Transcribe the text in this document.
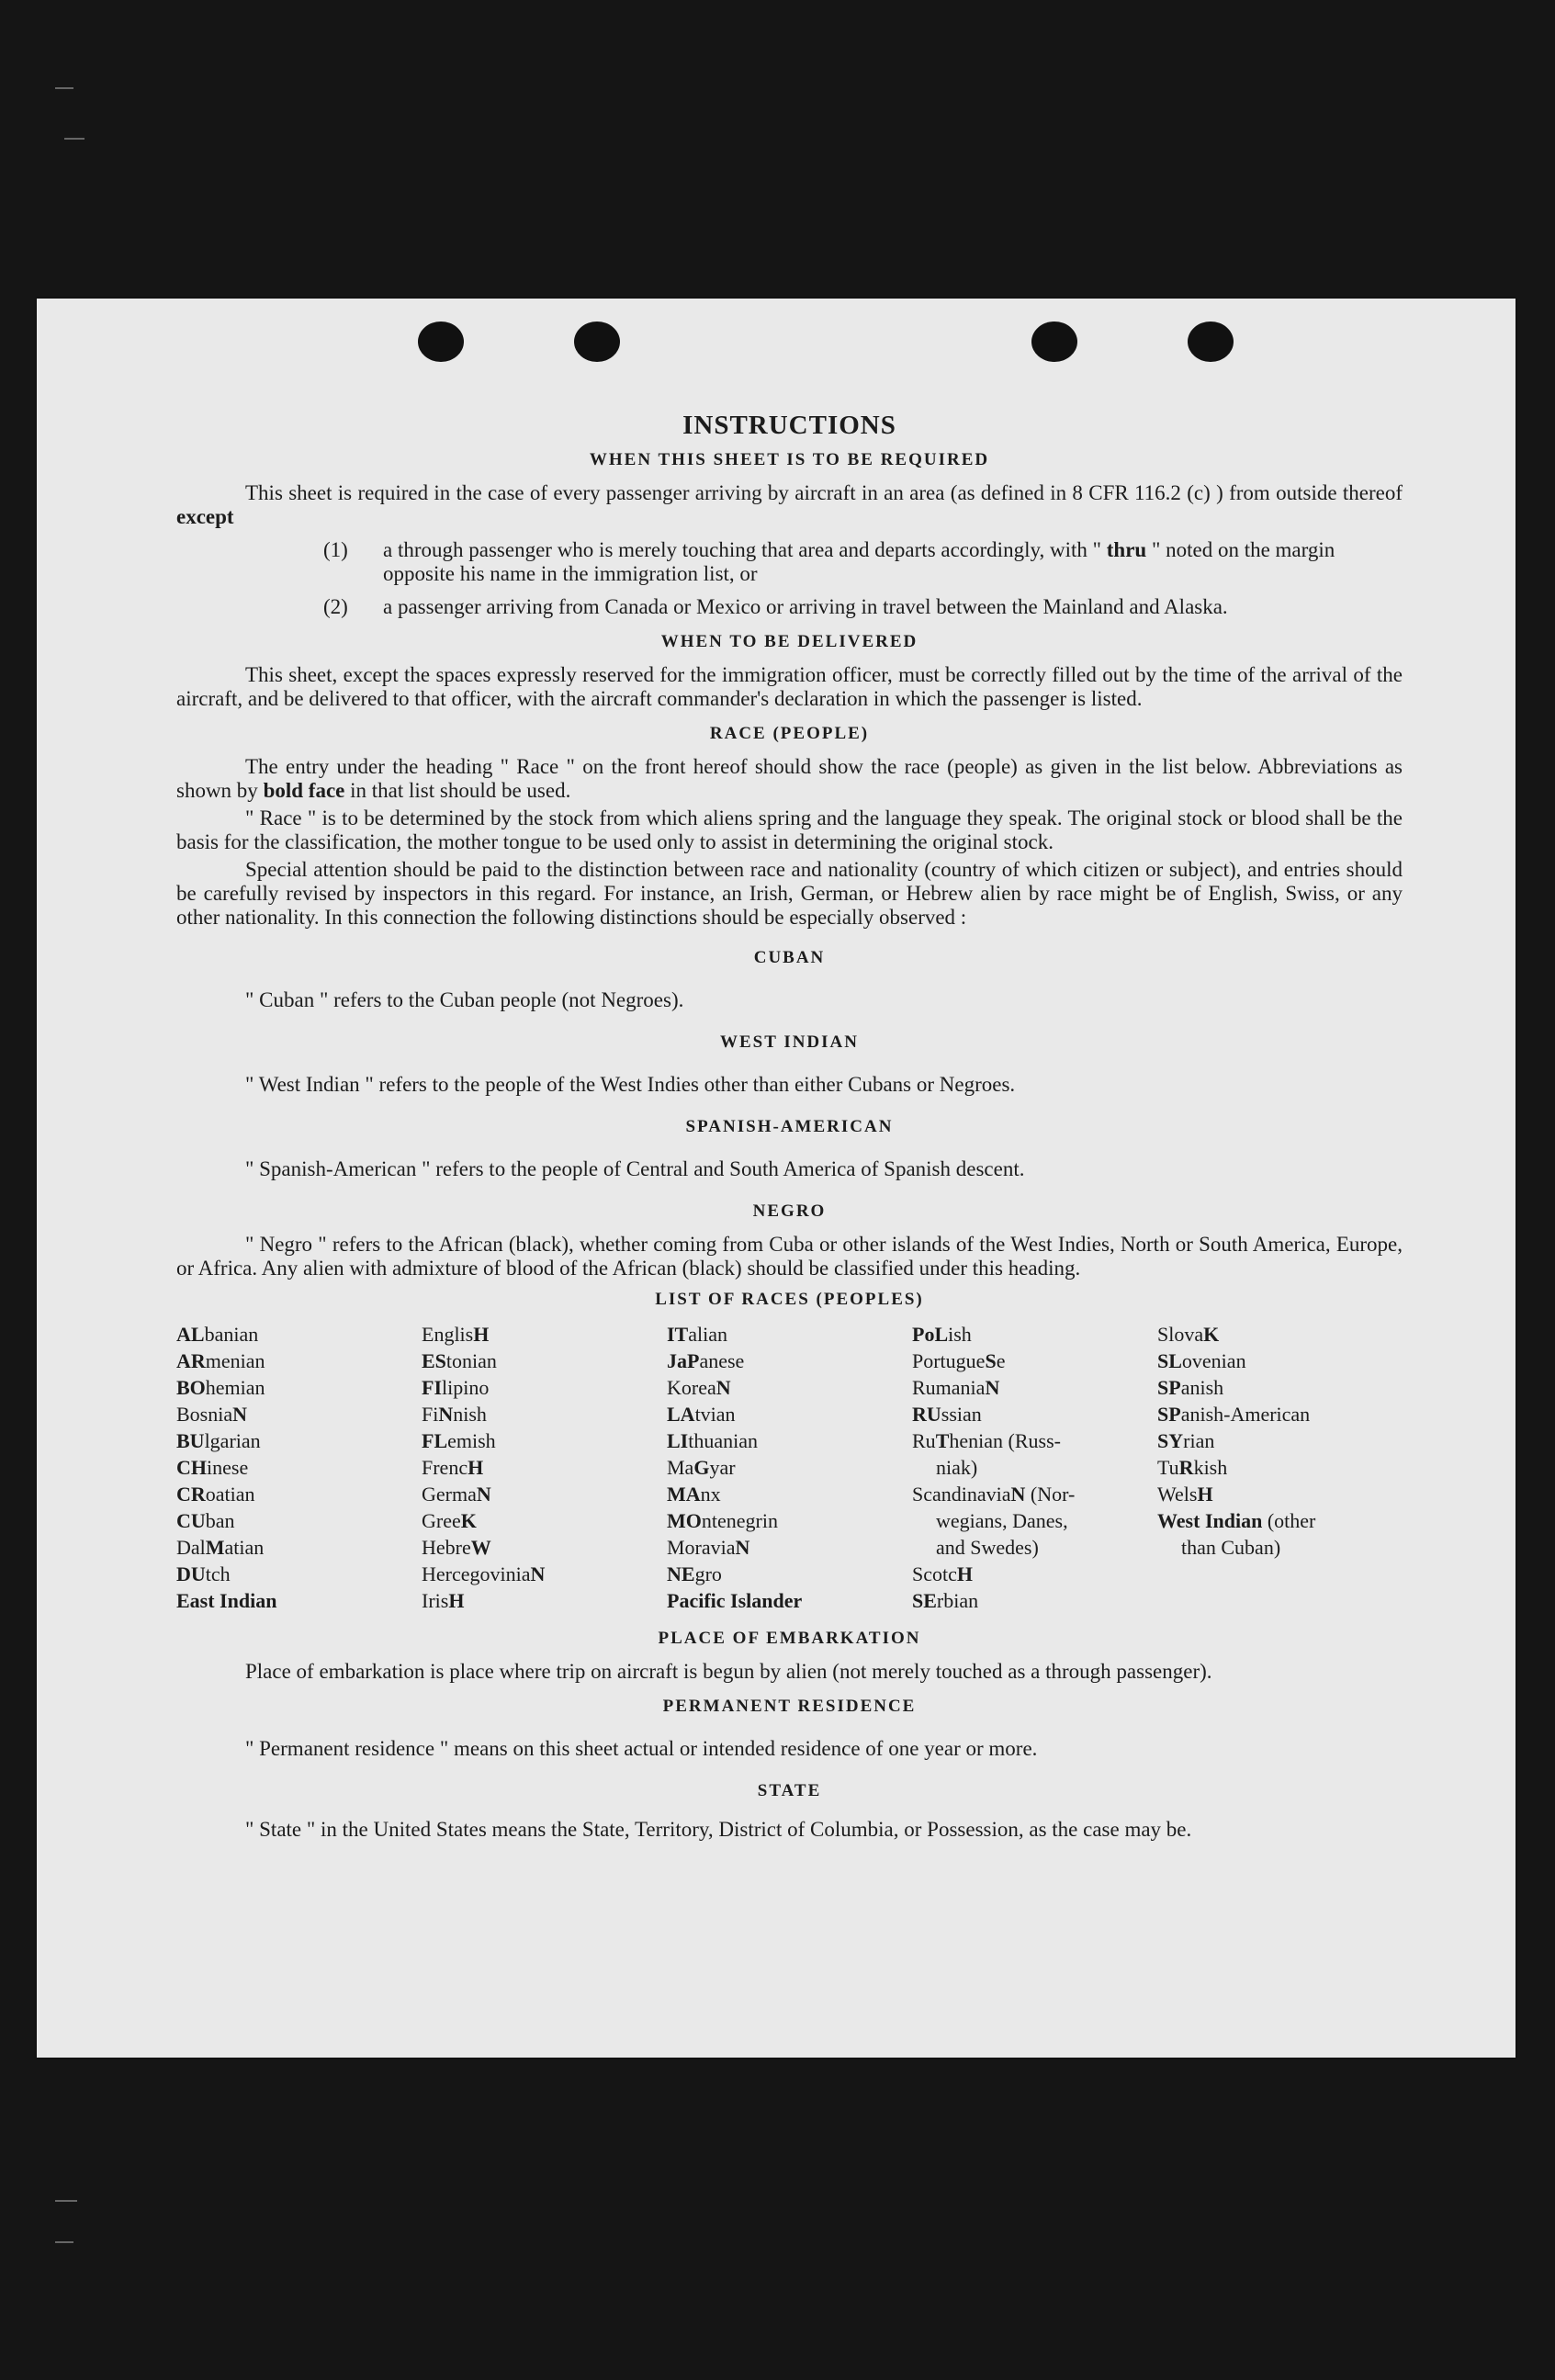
INSTRUCTIONS
WHEN THIS SHEET IS TO BE REQUIRED

This sheet is required in the case of every passenger arriving by aircraft in an area (as defined in 8 CFR 116.2 (c) ) from outside thereof except

(1) a through passenger who is merely touching that area and departs accordingly, with " thru " noted on the margin opposite his name in the immigration list, or
(2) a passenger arriving from Canada or Mexico or arriving in travel between the Mainland and Alaska.
WHEN TO BE DELIVERED

This sheet, except the spaces expressly reserved for the immigration officer, must be correctly filled out by the time of the arrival of the aircraft, and be delivered to that officer, with the aircraft commander's declaration in which the passenger is listed.

RACE (PEOPLE)

The entry under the heading " Race " on the front hereof should show the race (people) as given in the list below. Abbreviations as shown by bold face in that list should be used.

" Race " is to be determined by the stock from which aliens spring and the language they speak. The original stock or blood shall be the basis for the classification, the mother tongue to be used only to assist in determining the original stock.

Special attention should be paid to the distinction between race and nationality (country of which citizen or subject), and entries should be carefully revised by inspectors in this regard. For instance, an Irish, German, or Hebrew alien by race might be of English, Swiss, or any other nationality. In this connection the following distinctions should be especially observed :

CUBAN
" Cuban " refers to the Cuban people (not Negroes).
WEST INDIAN
" West Indian " refers to the people of the West Indies other than either Cubans or Negroes.
SPANISH-AMERICAN
" Spanish-American " refers to the people of Central and South America of Spanish descent.
NEGRO

" Negro " refers to the African (black), whether coming from Cuba or other islands of the West Indies, North or South America, Europe, or Africa. Any alien with admixture of blood of the African (black) should be classified under this heading.

LIST OF RACES (PEOPLES)
ALbanian
ARmenian
BOhemian
BosniaN
BUlgarian
CHinese
CRoatian
CUban
DalMatian
DUtch
East Indian
EnglisH
EStonian
FIlipino
FiNnish
FLemish
FrencH
GermaN
GreeK
HebreW
HercegoviniaN
IrisH
ITalian
JaPanese
KoreaN
LAtvian
LIthuanian
MaGyar
MAnx
MOntenegrin
MoraviaN
NEgro
Pacific Islander
PoLish
PortugueSe
RumaniaN
RUssian
RuThenian (Russ-
niak)
ScandinaviaN (Nor-
wegians, Danes,
and Swedes)
ScotcH
SErbian
SlovaK
SLovenian
SPanish
SPanish-American
SYrian
TuRkish
WelsH
West Indian (other
than Cuban)
PLACE OF EMBARKATION

Place of embarkation is place where trip on aircraft is begun by alien (not merely touched as a through passenger).

PERMANENT RESIDENCE
" Permanent residence " means on this sheet actual or intended residence of one year or more.
STATE

" State " in the United States means the State, Territory, District of Columbia, or Possession, as the case may be.
